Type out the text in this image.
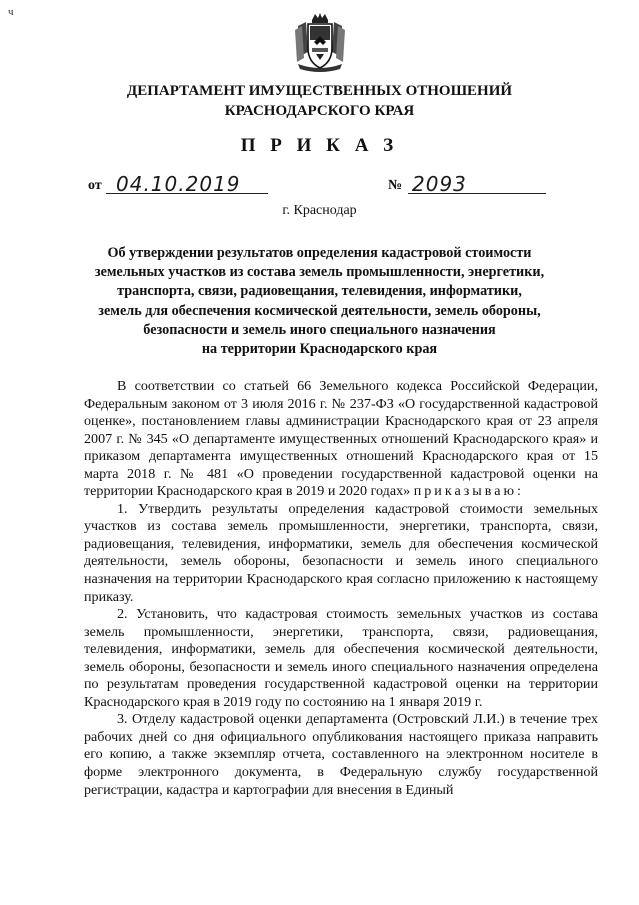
ч
ДЕПАРТАМЕНТ ИМУЩЕСТВЕННЫХ ОТНОШЕНИЙ
КРАСНОДАРСКОГО КРАЯ
П Р И К А З
от 04.10.2019	№ 2093
г. Краснодар
Об утверждении результатов определения кадастровой стоимости
земельных участков из состава земель промышленности, энергетики,
транспорта, связи, радиовещания, телевидения, информатики,
земель для обеспечения космической деятельности, земель обороны,
безопасности и земель иного специального назначения
на территории Краснодарского края

В соответствии со статьей 66 Земельного кодекса Российской Федерации, Федеральным законом от 3 июля 2016 г. № 237-ФЗ «О государственной кадастровой оценке», постановлением главы администрации Краснодарского края от 23 апреля 2007 г. № 345 «О департаменте имущественных отношений Краснодарского края» и приказом департамента имущественных отношений Краснодарского края от 15 марта 2018 г. № 481 «О проведении государственной кадастровой оценки на территории Краснодарского края в 2019 и 2020 годах» приказываю:

1. Утвердить результаты определения кадастровой стоимости земельных участков из состава земель промышленности, энергетики, транспорта, связи, радиовещания, телевидения, информатики, земель для обеспечения космической деятельности, земель обороны, безопасности и земель иного специального назначения на территории Краснодарского края согласно приложению к настоящему приказу.

2. Установить, что кадастровая стоимость земельных участков из состава земель промышленности, энергетики, транспорта, связи, радиовещания, телевидения, информатики, земель для обеспечения космической деятельности, земель обороны, безопасности и земель иного специального назначения определена по результатам проведения государственной кадастровой оценки на территории Краснодарского края в 2019 году по состоянию на 1 января 2019 г.

3. Отделу кадастровой оценки департамента (Островский Л.И.) в течение трех рабочих дней со дня официального опубликования настоящего приказа направить его копию, а также экземпляр отчета, составленного на электронном носителе в форме электронного документа, в Федеральную службу государственной регистрации, кадастра и картографии для внесения в Единый
